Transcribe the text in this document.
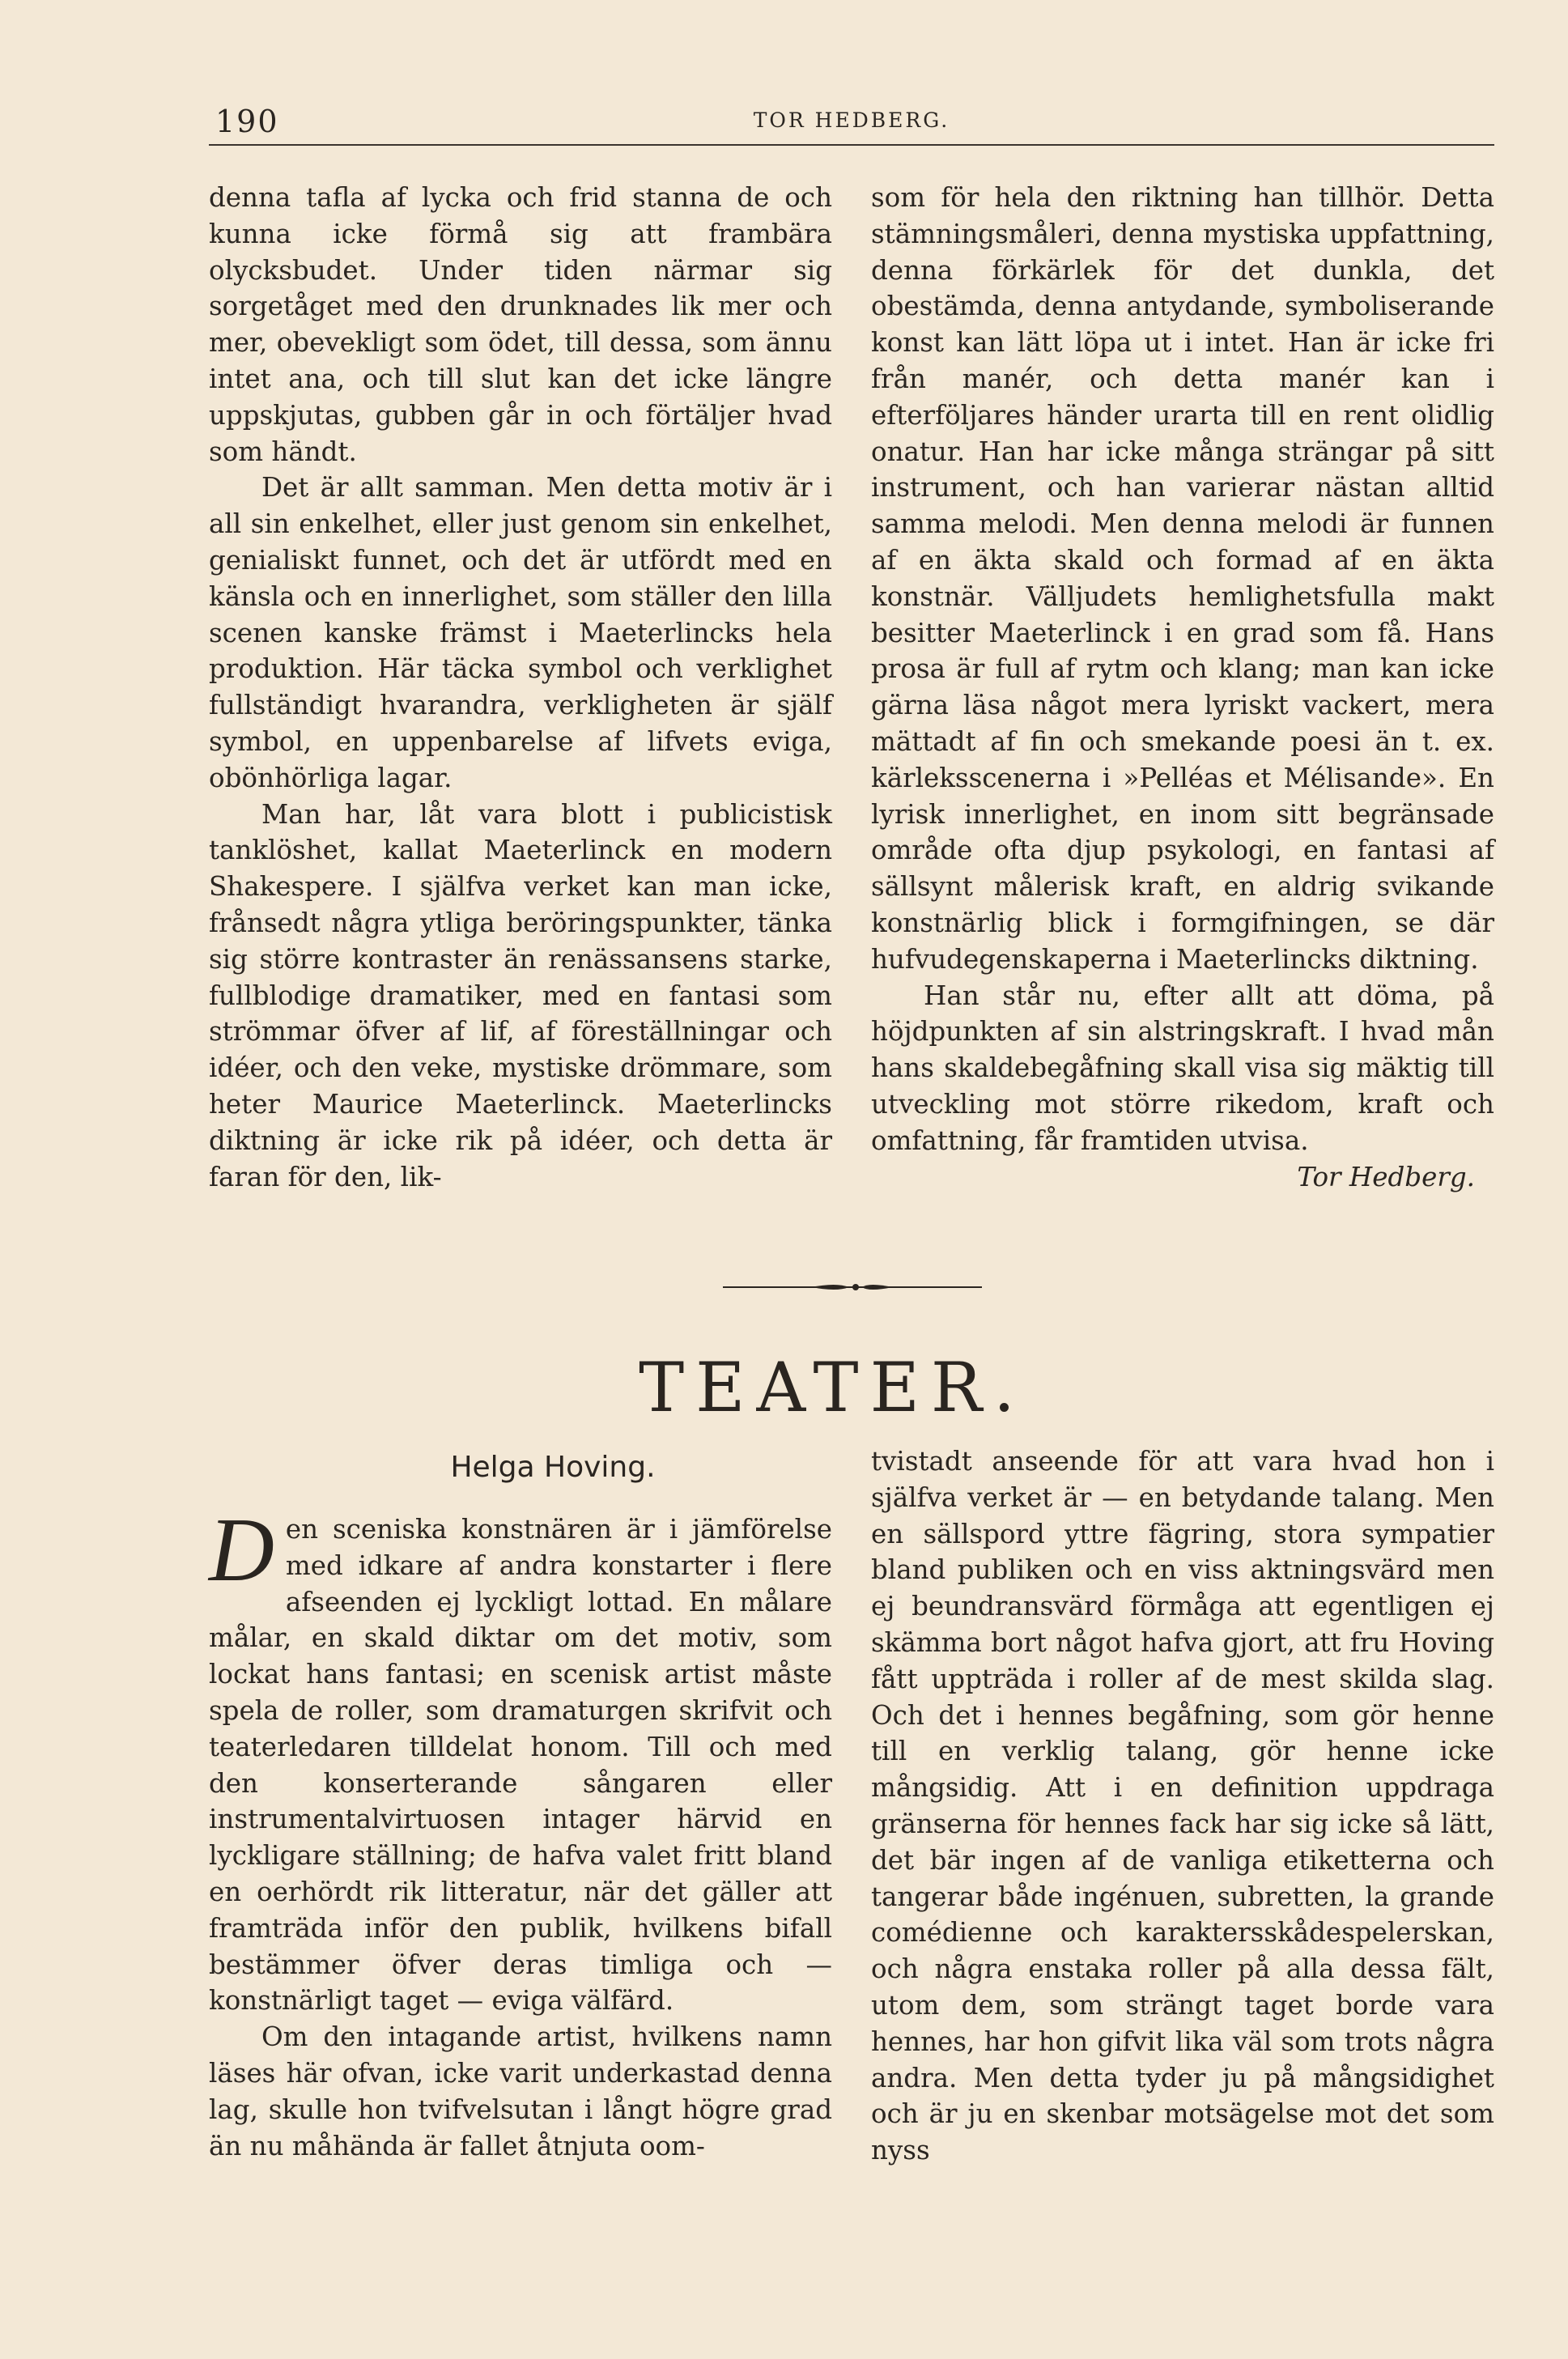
190	TOR HEDBERG.

denna tafla af lycka och frid stanna de och kunna icke förmå sig att frambära olycksbudet. Under tiden närmar sig sorgetåget med den drunknades lik mer och mer, obevekligt som ödet, till dessa, som ännu intet ana, och till slut kan det icke längre uppskjutas, gubben går in och förtäljer hvad som händt.

Det är allt samman. Men detta motiv är i all sin enkelhet, eller just genom sin enkelhet, genialiskt funnet, och det är utfördt med en känsla och en innerlighet, som ställer den lilla scenen kanske främst i Maeterlincks hela produktion. Här täcka symbol och verklighet fullständigt hvarandra, verkligheten är själf symbol, en uppenbarelse af lifvets eviga, obönhörliga lagar.

Man har, låt vara blott i publicistisk tanklöshet, kallat Maeterlinck en modern Shakespere. I själfva verket kan man icke, frånsedt några ytliga beröringspunkter, tänka sig större kontraster än renässansens starke, fullblodige dramatiker, med en fantasi som strömmar öfver af lif, af föreställningar och idéer, och den veke, mystiske drömmare, som heter Maurice Maeterlinck. Maeterlincks diktning är icke rik på idéer, och detta är faran för den, lik-

som för hela den riktning han tillhör. Detta stämningsmåleri, denna mystiska uppfattning, denna förkärlek för det dunkla, det obestämda, denna antydande, symboliserande konst kan lätt löpa ut i intet. Han är icke fri från manér, och detta manér kan i efterföljares händer urarta till en rent olidlig onatur. Han har icke många strängar på sitt instrument, och han varierar nästan alltid samma melodi. Men denna melodi är funnen af en äkta skald och formad af en äkta konstnär. Välljudets hemlighetsfulla makt besitter Maeterlinck i en grad som få. Hans prosa är full af rytm och klang; man kan icke gärna läsa något mera lyriskt vackert, mera mättadt af fin och smekande poesi än t. ex. kärleksscenerna i »Pelléas et Mélisande». En lyrisk innerlighet, en inom sitt begränsade område ofta djup psykologi, en fantasi af sällsynt målerisk kraft, en aldrig svikande konstnärlig blick i formgifningen, se där hufvudegenskaperna i Maeterlincks diktning.

Han står nu, efter allt att döma, på höjdpunkten af sin alstringskraft. I hvad mån hans skaldebegåfning skall visa sig mäktig till utveckling mot större rikedom, kraft och omfattning, får framtiden utvisa.

Tor Hedberg.

TEATER.
Helga Hoving.

Den sceniska konstnären är i jämförelse med idkare af andra konstarter i flere afseenden ej lyckligt lottad. En målare målar, en skald diktar om det motiv, som lockat hans fantasi; en scenisk artist måste spela de roller, som dramaturgen skrifvit och teaterledaren tilldelat honom. Till och med den konserterande sångaren eller instrumentalvirtuosen intager härvid en lyckligare ställning; de hafva valet fritt bland en oerhördt rik litteratur, när det gäller att framträda inför den publik, hvilkens bifall bestämmer öfver deras timliga och — konstnärligt taget — eviga välfärd.

Om den intagande artist, hvilkens namn läses här ofvan, icke varit underkastad denna lag, skulle hon tvifvelsutan i långt högre grad än nu måhända är fallet åtnjuta oom-

tvistadt anseende för att vara hvad hon i själfva verket är — en betydande talang. Men en sällspord yttre fägring, stora sympatier bland publiken och en viss aktningsvärd men ej beundransvärd förmåga att egentligen ej skämma bort något hafva gjort, att fru Hoving fått uppträda i roller af de mest skilda slag. Och det i hennes begåfning, som gör henne till en verklig talang, gör henne icke mångsidig. Att i en definition uppdraga gränserna för hennes fack har sig icke så lätt, det bär ingen af de vanliga etiketterna och tangerar både ingénuen, subretten, la grande comédienne och karaktersskådespelerskan, och några enstaka roller på alla dessa fält, utom dem, som strängt taget borde vara hennes, har hon gifvit lika väl som trots några andra. Men detta tyder ju på mångsidighet och är ju en skenbar motsägelse mot det som nyss
